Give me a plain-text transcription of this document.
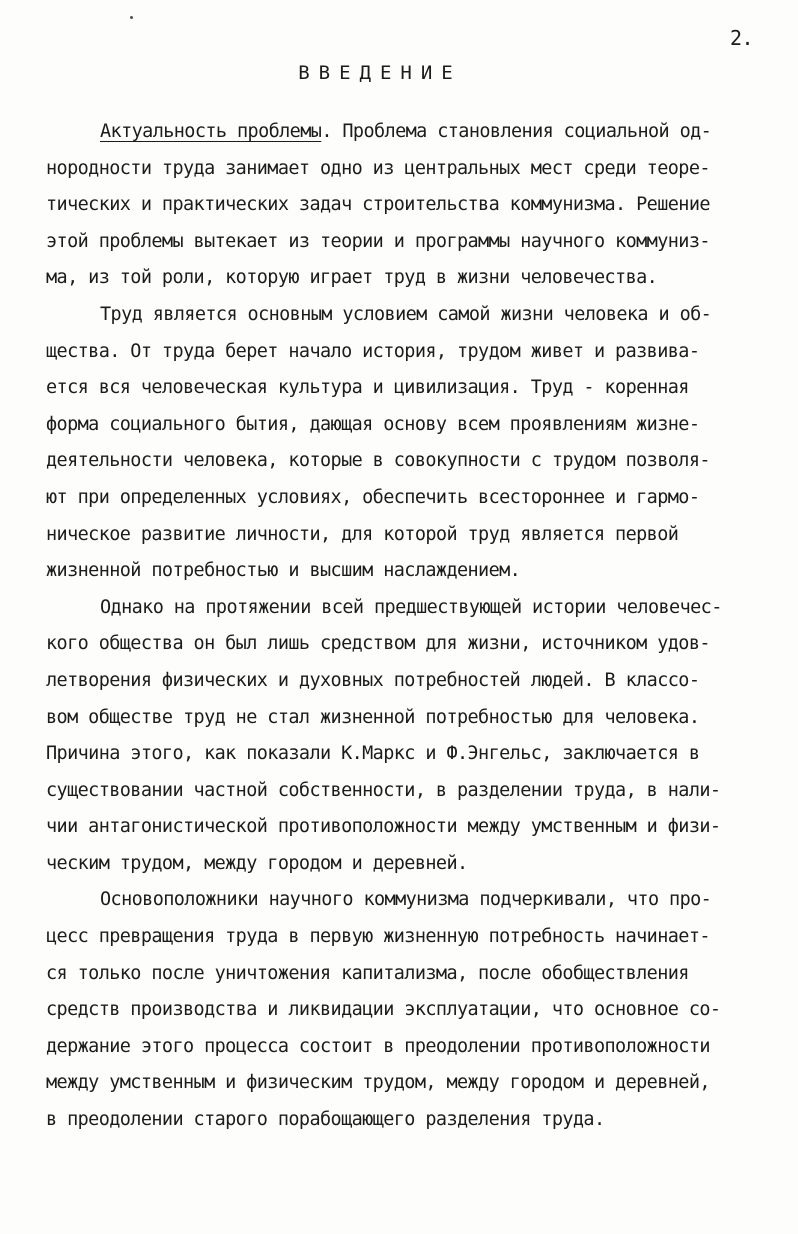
2.
ВВЕДЕНИЕ
Актуальность проблемы. Проблема становления социальной од-
нородности труда занимает одно из центральных мест среди теоре-
тических и практических задач строительства коммунизма. Решение
этой проблемы вытекает из теории и программы научного коммуниз-
ма, из той роли, которую играет труд в жизни человечества.
Труд является основным условием самой жизни человека и об-
щества. От труда берет начало история, трудом живет и развива-
ется вся человеческая культура и цивилизация. Труд - коренная
форма социального бытия, дающая основу всем проявлениям жизне-
деятельности человека, которые в совокупности с трудом позволя-
ют при определенных условиях, обеспечить всестороннее и гармо-
ническое развитие личности, для которой труд является первой
жизненной потребностью и высшим наслаждением.
Однако на протяжении всей предшествующей истории человечес-
кого общества он был лишь средством для жизни, источником удов-
летворения физических и духовных потребностей людей. В классо-
вом обществе труд не стал жизненной потребностью для человека.
Причина этого, как показали К.Маркс и Ф.Энгельс, заключается в
существовании частной собственности, в разделении труда, в нали-
чии антагонистической противоположности между умственным и физи-
ческим трудом, между городом и деревней.
Основоположники научного коммунизма подчеркивали, что про-
цесс превращения труда в первую жизненную потребность начинает-
ся только после уничтожения капитализма, после обобществления
средств производства и ликвидации эксплуатации, что основное со-
держание этого процесса состоит в преодолении противоположности
между умственным и физическим трудом, между городом и деревней,
в преодолении старого порабощающего разделения труда.
